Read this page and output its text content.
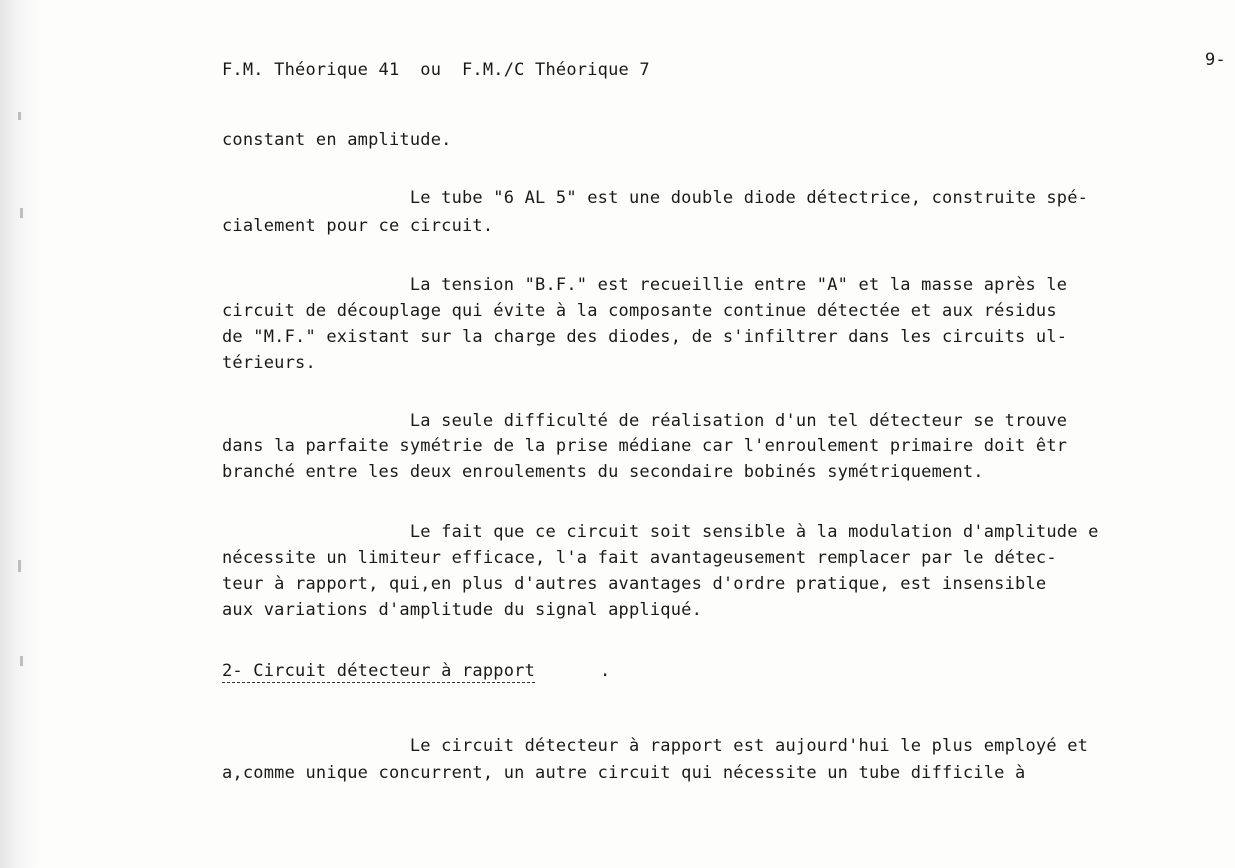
F.M. Théorique 41  ou  F.M./C Théorique 7	9-
constant en amplitude.
Le tube "6 AL 5" est une double diode détectrice, construite spé-
cialement pour ce circuit.
La tension "B.F." est recueillie entre "A" et la masse après le
circuit de découplage qui évite à la composante continue détectée et aux résidus
de "M.F." existant sur la charge des diodes, de s'infiltrer dans les circuits ul-
térieurs.
La seule difficulté de réalisation d'un tel détecteur se trouve
dans la parfaite symétrie de la prise médiane car l'enroulement primaire doit êtr
branché entre les deux enroulements du secondaire bobinés symétriquement.
Le fait que ce circuit soit sensible à la modulation d'amplitude e
nécessite un limiteur efficace, l'a fait avantageusement remplacer par le détec-
teur à rapport, qui,en plus d'autres avantages d'ordre pratique, est insensible
aux variations d'amplitude du signal appliqué.
2- Circuit détecteur à rapport	.
Le circuit détecteur à rapport est aujourd'hui le plus employé et
a,comme unique concurrent, un autre circuit qui nécessite un tube difficile à
